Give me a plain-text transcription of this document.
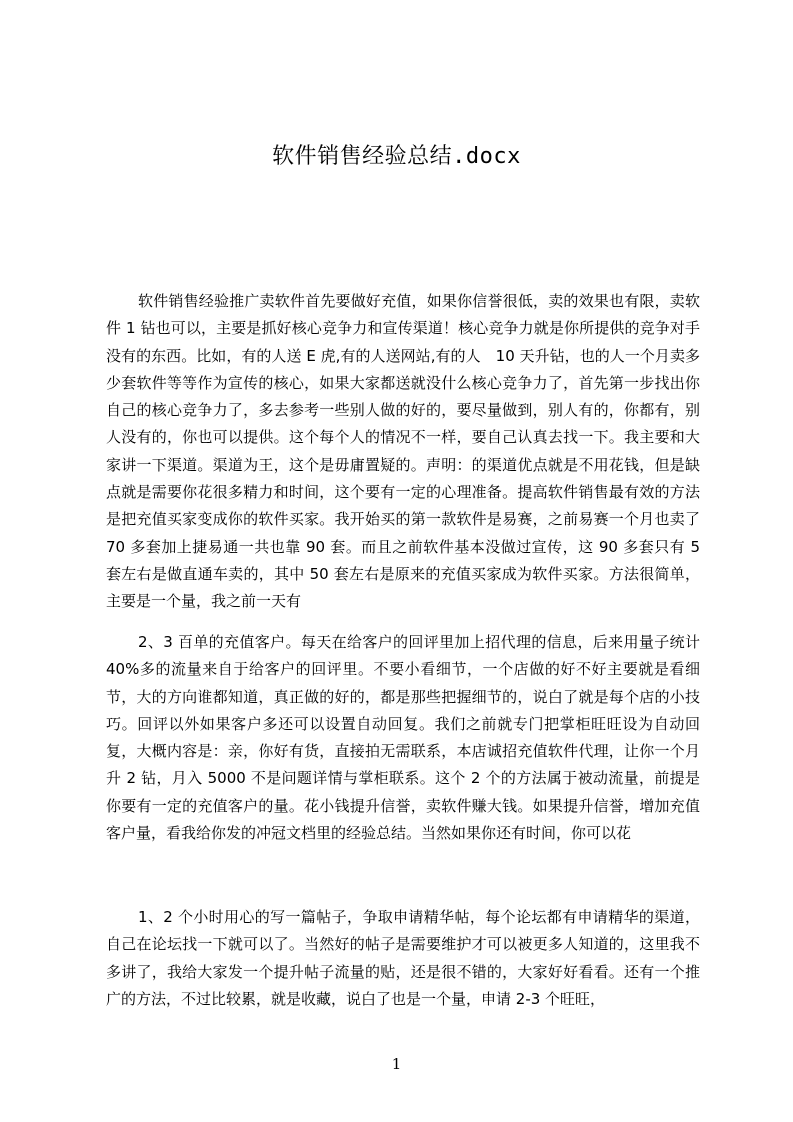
软件销售经验总结.docx

软件销售经验推广卖软件首先要做好充值，如果你信誉很低，卖的效果也有限，卖软件 1 钻也可以，主要是抓好核心竞争力和宣传渠道！核心竞争力就是你所提供的竞争对手没有的东西。比如，有的人送 E 虎,有的人送网站,有的人　10 天升钻，也的人一个月卖多少套软件等等作为宣传的核心，如果大家都送就没什么核心竞争力了，首先第一步找出你自己的核心竞争力了，多去参考一些别人做的好的，要尽量做到，别人有的，你都有，别人没有的，你也可以提供。这个每个人的情况不一样，要自己认真去找一下。我主要和大家讲一下渠道。渠道为王，这个是毋庸置疑的。声明：的渠道优点就是不用花钱，但是缺点就是需要你花很多精力和时间，这个要有一定的心理准备。提高软件销售最有效的方法是把充值买家变成你的软件买家。我开始买的第一款软件是易赛，之前易赛一个月也卖了 70 多套加上捷易通一共也靠 90 套。而且之前软件基本没做过宣传，这 90 多套只有 5 套左右是做直通车卖的，其中 50 套左右是原来的充值买家成为软件买家。方法很简单，主要是一个量，我之前一天有

2、3 百单的充值客户。每天在给客户的回评里加上招代理的信息，后来用量子统计 40%多的流量来自于给客户的回评里。不要小看细节，一个店做的好不好主要就是看细节，大的方向谁都知道，真正做的好的，都是那些把握细节的，说白了就是每个店的小技巧。回评以外如果客户多还可以设置自动回复。我们之前就专门把掌柜旺旺设为自动回复，大概内容是：亲，你好有货，直接拍无需联系，本店诚招充值软件代理，让你一个月升 2 钻，月入 5000 不是问题详情与掌柜联系。这个 2 个的方法属于被动流量，前提是你要有一定的充值客户的量。花小钱提升信誉，卖软件赚大钱。如果提升信誉，增加充值客户量，看我给你发的冲冠文档里的经验总结。当然如果你还有时间，你可以花

1、2 个小时用心的写一篇帖子，争取申请精华帖，每个论坛都有申请精华的渠道，自己在论坛找一下就可以了。当然好的帖子是需要维护才可以被更多人知道的，这里我不多讲了，我给大家发一个提升帖子流量的贴，还是很不错的，大家好好看看。还有一个推广的方法，不过比较累，就是收藏，说白了也是一个量，申请 2-3 个旺旺，

1
